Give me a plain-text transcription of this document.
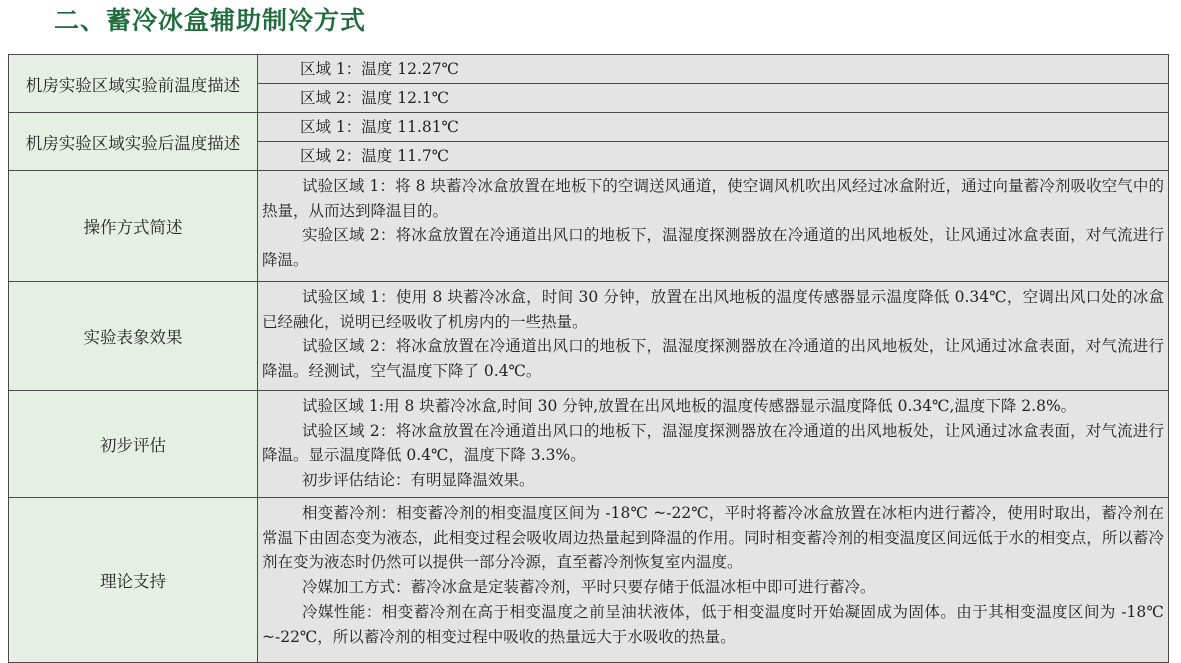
二、蓄冷冰盒辅助制冷方式
机房实验区域实验前温度描述	区域 1：温度 12.27℃
	区域 2：温度 12.1℃
机房实验区域实验后温度描述	区域 1：温度 11.81℃
	区域 2：温度 11.7℃
操作方式简述	试验区域 1：将 8 块蓄冷冰盒放置在地板下的空调送风通道，使空调风机吹出风经过冰盒附近，通过向量蓄冷剂吸收空气中的热量，从而达到降温目的。

实验区域 2：将冰盒放置在冷通道出风口的地板下，温湿度探测器放在冷通道的出风地板处，让风通过冰盒表面，对气流进行降温。

实验表象效果	试验区域 1：使用 8 块蓄冷冰盒，时间 30 分钟，放置在出风地板的温度传感器显示温度降低 0.34℃，空调出风口处的冰盒已经融化，说明已经吸收了机房内的一些热量。

试验区域 2：将冰盒放置在冷通道出风口的地板下，温湿度探测器放在冷通道的出风地板处，让风通过冰盒表面，对气流进行降温。经测试，空气温度下降了 0.4℃。

初步评估	试验区域 1:用 8 块蓄冷冰盒,时间 30 分钟,放置在出风地板的温度传感器显示温度降低 0.34℃,温度下降 2.8%。

试验区域 2：将冰盒放置在冷通道出风口的地板下，温湿度探测器放在冷通道的出风地板处，让风通过冰盒表面，对气流进行降温。显示温度降低 0.4℃，温度下降 3.3%。

初步评估结论：有明显降温效果。

理论支持	相变蓄冷剂：相变蓄冷剂的相变温度区间为 -18℃ ~-22℃，平时将蓄冷冰盒放置在冰柜内进行蓄冷，使用时取出，蓄冷剂在常温下由固态变为液态，此相变过程会吸收周边热量起到降温的作用。同时相变蓄冷剂的相变温度区间远低于水的相变点，所以蓄冷剂在变为液态时仍然可以提供一部分冷源，直至蓄冷剂恢复室内温度。

冷媒加工方式：蓄冷冰盒是定装蓄冷剂，平时只要存储于低温冰柜中即可进行蓄冷。

冷媒性能：相变蓄冷剂在高于相变温度之前呈油状液体，低于相变温度时开始凝固成为固体。由于其相变温度区间为 -18℃ ~-22℃，所以蓄冷剂的相变过程中吸收的热量远大于水吸收的热量。
